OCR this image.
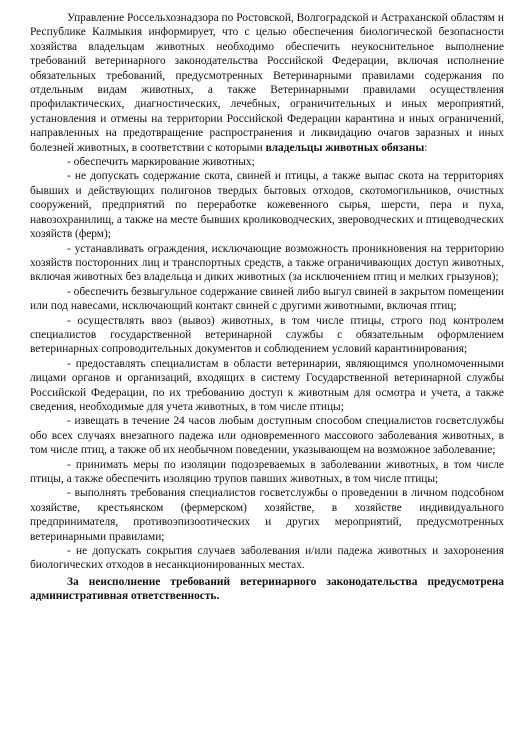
Управление Россельхознадзора по Ростовской, Волгоградской и Астраханской областям и Республике Калмыкия информирует, что с целью обеспечения биологической безопасности хозяйства владельцам животных необходимо обеспечить неукоснительное выполнение требований ветеринарного законодательства Российской Федерации, включая исполнение обязательных требований, предусмотренных Ветеринарными правилами содержания по отдельным видам животных, а также Ветеринарными правилами осуществления профилактических, диагностических, лечебных, ограничительных и иных мероприятий, установления и отмены на территории Российской Федерации карантина и иных ограничений, направленных на предотвращение распространения и ликвидацию очагов заразных и иных болезней животных, в соответствии с которыми владельцы животных обязаны:

- обеспечить маркирование животных;

- не допускать содержание скота, свиней и птицы, а также выпас скота на территориях бывших и действующих полигонов твердых бытовых отходов, скотомогильников, очистных сооружений, предприятий по переработке кожевенного сырья, шерсти, пера и пуха, навозохранилищ, а также на месте бывших кролиководческих, звероводческих и птицеводческих хозяйств (ферм);

- устанавливать ограждения, исключающие возможность проникновения на территорию хозяйств посторонних лиц и транспортных средств, а также ограничивающих доступ животных, включая животных без владельца и диких животных (за исключением птиц и мелких грызунов);

- обеспечить безвыгульное содержание свиней либо выгул свиней в закрытом помещении или под навесами, исключающий контакт свиней с другими животными, включая птиц;

- осуществлять ввоз (вывоз) животных, в том числе птицы, строго под контролем специалистов государственной ветеринарной службы с обязательным оформлением ветеринарных сопроводительных документов и соблюдением условий карантинирования;

- предоставлять специалистам в области ветеринарии, являющимся уполномоченными лицами органов и организаций, входящих в систему Государственной ветеринарной службы Российской Федерации, по их требованию доступ к животным для осмотра и учета, а также сведения, необходимые для учета животных, в том числе птицы;

- извещать в течение 24 часов любым доступным способом специалистов госветслужбы обо всех случаях внезапного падежа или одновременного массового заболевания животных, в том числе птиц, а также об их необычном поведении, указывающем на возможное заболевание;

- принимать меры по изоляции подозреваемых в заболевании животных, в том числе птицы, а также обеспечить изоляцию трупов павших животных, в том числе птицы;

- выполнять требования специалистов госветслужбы о проведении в личном подсобном хозяйстве, крестьянском (фермерском) хозяйстве, в хозяйстве индивидуального предпринимателя, противоэпизоотических и других мероприятий, предусмотренных ветеринарными правилами;

- не допускать сокрытия случаев заболевания и/или падежа животных и захоронения биологических отходов в несанкционированных местах.

За неисполнение требований ветеринарного законодательства предусмотрена административная ответственность.
